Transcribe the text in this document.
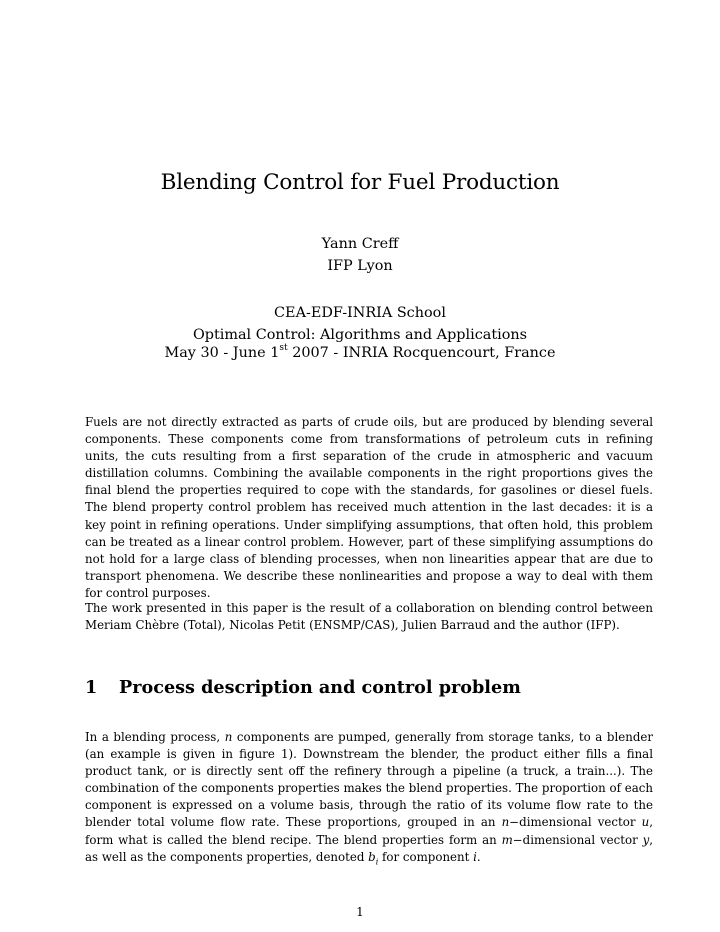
Blending Control for Fuel Production
Yann Creff
IFP Lyon
CEA-EDF-INRIA School
Optimal Control: Algorithms and Applications
May 30 - June 1st 2007 - INRIA Rocquencourt, France

Fuels are not directly extracted as parts of crude oils, but are produced by blending several components. These components come from transformations of petroleum cuts in refining units, the cuts resulting from a first separation of the crude in atmospheric and vacuum distillation columns. Combining the available components in the right proportions gives the final blend the properties required to cope with the standards, for gasolines or diesel fuels. The blend property control problem has received much attention in the last decades: it is a key point in refining operations. Under simplifying assumptions, that often hold, this problem can be treated as a linear control problem. However, part of these simplifying assumptions do not hold for a large class of blending processes, when non linearities appear that are due to transport phenomena. We describe these nonlinearities and propose a way to deal with them for control purposes.

The work presented in this paper is the result of a collaboration on blending control between Meriam Chèbre (Total), Nicolas Petit (ENSMP/CAS), Julien Barraud and the author (IFP).

1 Process description and control problem

In a blending process, n components are pumped, generally from storage tanks, to a blender (an example is given in figure 1). Downstream the blender, the product either fills a final product tank, or is directly sent off the refinery through a pipeline (a truck, a train...). The combination of the components properties makes the blend properties. The proportion of each component is expressed on a volume basis, through the ratio of its volume flow rate to the blender total volume flow rate. These proportions, grouped in an n−dimensional vector u, form what is called the blend recipe. The blend properties form an m−dimensional vector y, as well as the components properties, denoted $b_i$ for component i.

1
